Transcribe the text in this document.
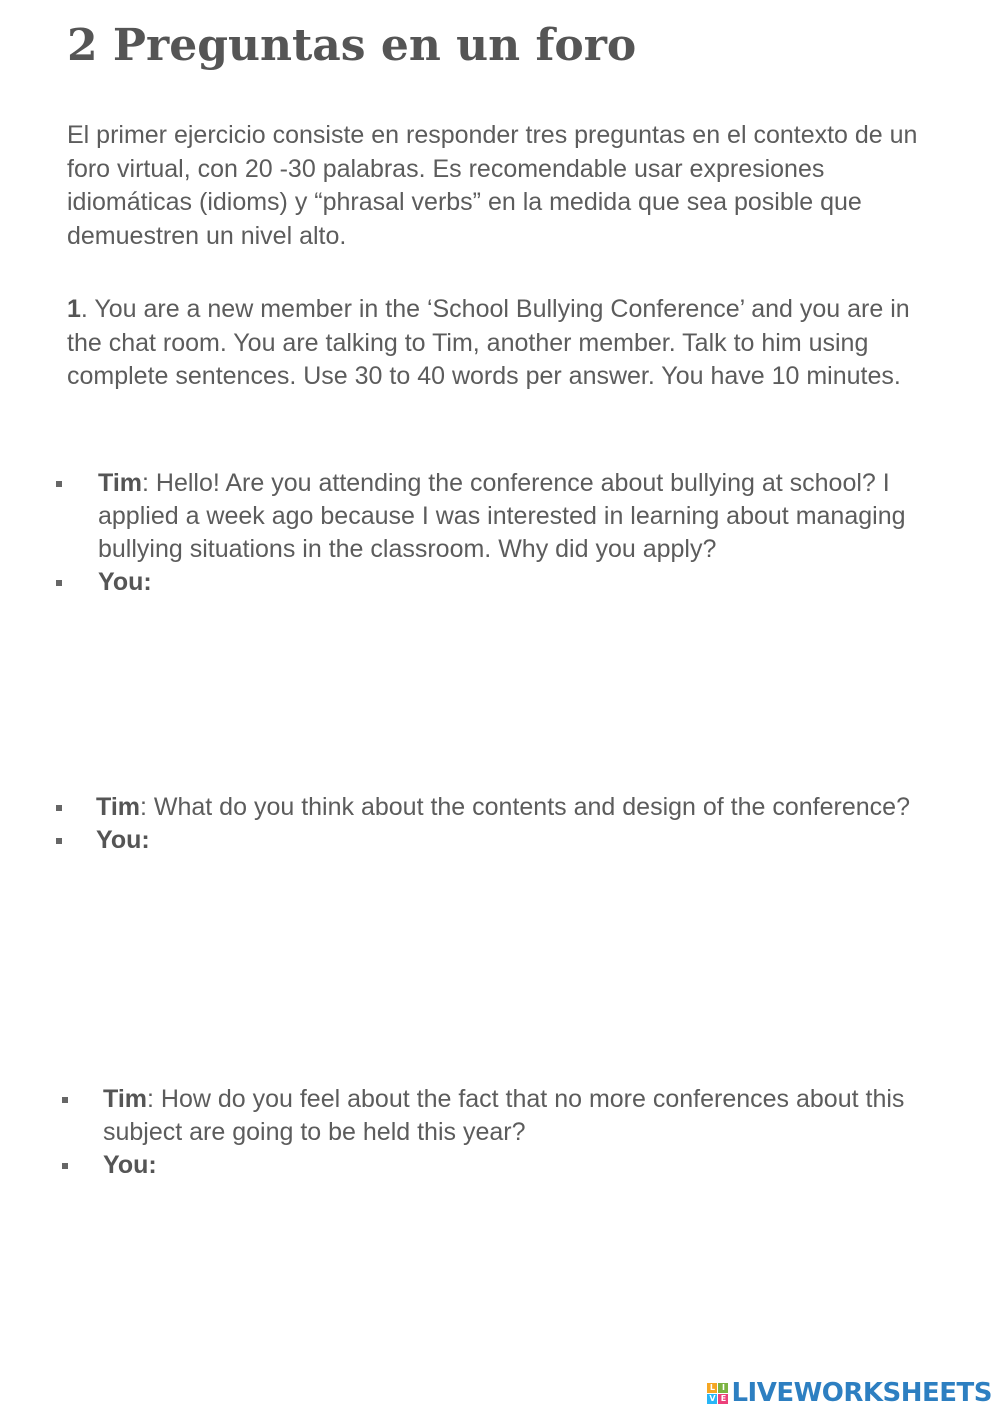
2 Preguntas en un foro

El primer ejercicio consiste en responder tres preguntas en el contexto de un foro virtual, con 20 -30 palabras. Es recomendable usar expresiones idiomáticas (idioms) y “phrasal verbs” en la medida que sea posible que demuestren un nivel alto.

1. You are a new member in the ‘School Bullying Conference’ and you are in the chat room. You are talking to Tim, another member. Talk to him using complete sentences. Use 30 to 40 words per answer. You have 10 minutes.

Tim: Hello! Are you attending the conference about bullying at school? I applied a week ago because I was interested in learning about managing bullying situations in the classroom. Why did you apply?
You:
Tim: What do you think about the contents and design of the conference?
You:
Tim: How do you feel about the fact that no more conferences about this subject are going to be held this year?
You:
L I
V E LIVEWORKSHEETS
